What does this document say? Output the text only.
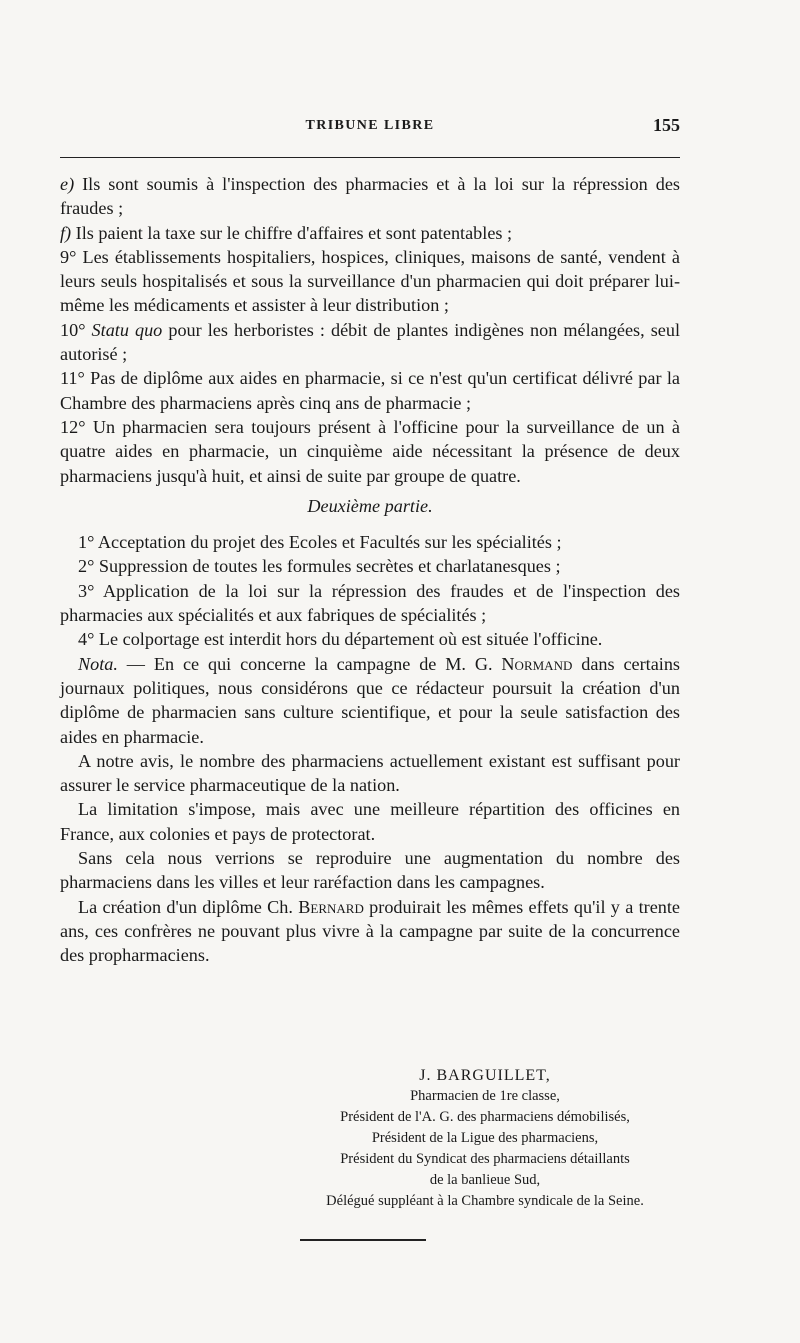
TRIBUNE LIBRE	155

e) Ils sont soumis à l'inspection des pharmacies et à la loi sur la répression des fraudes ;

f) Ils paient la taxe sur le chiffre d'affaires et sont patentables ;

9° Les établissements hospitaliers, hospices, cliniques, maisons de santé, vendent à leurs seuls hospitalisés et sous la surveillance d'un pharmacien qui doit préparer lui-même les médicaments et assister à leur distribution ;

10° Statu quo pour les herboristes : débit de plantes indigènes non mélangées, seul autorisé ;

11° Pas de diplôme aux aides en pharmacie, si ce n'est qu'un certificat délivré par la Chambre des pharmaciens après cinq ans de pharmacie ;

12° Un pharmacien sera toujours présent à l'officine pour la surveillance de un à quatre aides en pharmacie, un cinquième aide nécessitant la présence de deux pharmaciens jusqu'à huit, et ainsi de suite par groupe de quatre.

Deuxième partie.

1° Acceptation du projet des Ecoles et Facultés sur les spécialités ;

2° Suppression de toutes les formules secrètes et charlatanesques ;

3° Application de la loi sur la répression des fraudes et de l'inspection des pharmacies aux spécialités et aux fabriques de spécialités ;

4° Le colportage est interdit hors du département où est située l'officine.

Nota. — En ce qui concerne la campagne de M. G. Normand dans certains journaux politiques, nous considérons que ce rédacteur poursuit la création d'un diplôme de pharmacien sans culture scientifique, et pour la seule satisfaction des aides en pharmacie.

A notre avis, le nombre des pharmaciens actuellement existant est suffisant pour assurer le service pharmaceutique de la nation.

La limitation s'impose, mais avec une meilleure répartition des officines en France, aux colonies et pays de protectorat.

Sans cela nous verrions se reproduire une augmentation du nombre des pharmaciens dans les villes et leur raréfaction dans les campagnes.

La création d'un diplôme Ch. Bernard produirait les mêmes effets qu'il y a trente ans, ces confrères ne pouvant plus vivre à la campagne par suite de la concurrence des propharmaciens.

J. BARGUILLET,
Pharmacien de 1re classe,
Président de l'A. G. des pharmaciens démobilisés,
Président de la Ligue des pharmaciens,
Président du Syndicat des pharmaciens détaillants
de la banlieue Sud,
Délégué suppléant à la Chambre syndicale de la Seine.
